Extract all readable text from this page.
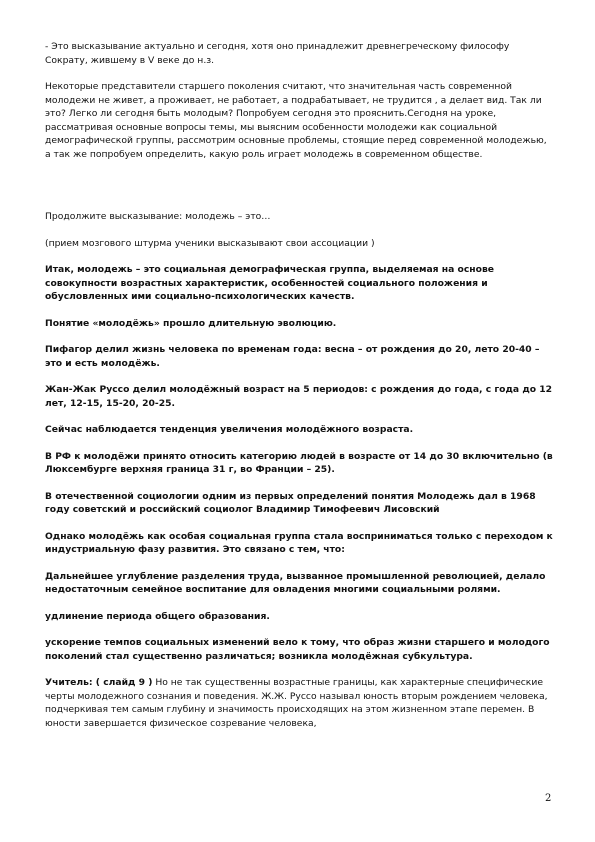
- Это высказывание актуально и сегодня, хотя оно принадлежит древнегреческому философу Сократу, жившему в V веке до н.з.

Некоторые представители старшего поколения считают, что значительная часть современной молодежи не живет, а проживает, не работает, а подрабатывает, не трудится , а делает вид. Так ли это? Легко ли сегодня быть молодым? Попробуем сегодня это прояснить.Сегодня на уроке, рассматривая основные вопросы темы, мы выясним особенности молодежи как социальной демографической группы, рассмотрим основные проблемы, стоящие перед современной молодежью, а так же попробуем определить, какую роль играет молодежь в современном обществе.

Продолжите высказывание: молодежь – это…

(прием мозгового штурма ученики высказывают свои ассоциации )

Итак, молодежь – это социальная демографическая группа, выделяемая на основе совокупности возрастных характеристик, особенностей социального положения и обусловленных ими социально-психологических качеств.

Понятие «молодёжь» прошло длительную эволюцию.

Пифагор делил жизнь человека по временам года: весна – от рождения до 20, лето 20-40 – это и есть молодёжь.

Жан-Жак Руссо делил молодёжный возраст на 5 периодов: с рождения до года, с года до 12 лет, 12-15, 15-20, 20-25.

Сейчас наблюдается тенденция увеличения молодёжного возраста.

В РФ к молодёжи принято относить категорию людей в возрасте от 14 до 30 включительно (в Люксембурге верхняя граница 31 г, во Франции – 25).

В отечественной социологии одним из первых определений понятия Молодежь дал в 1968 году советский и российский социолог Владимир Тимофеевич Лисовский

Однако молодёжь как особая социальная группа стала восприниматься только с переходом к индустриальную фазу развития. Это связано с тем, что:

Дальнейшее углубление разделения труда, вызванное промышленной революцией, делало недостаточным семейное воспитание для овладения многими социальными ролями.

удлинение периода общего образования.

ускорение темпов социальных изменений вело к тому, что образ жизни старшего и молодого поколений стал существенно различаться; возникла молодёжная субкультура.

Учитель: ( слайд 9 ) Но не так существенны возрастные границы, как характерные специфические черты молодежного сознания и поведения. Ж.Ж. Руссо называл юность вторым рождением человека, подчеркивая тем самым глубину и значимость происходящих на этом жизненном этапе перемен. В юности завершается физическое созревание человека,

2
